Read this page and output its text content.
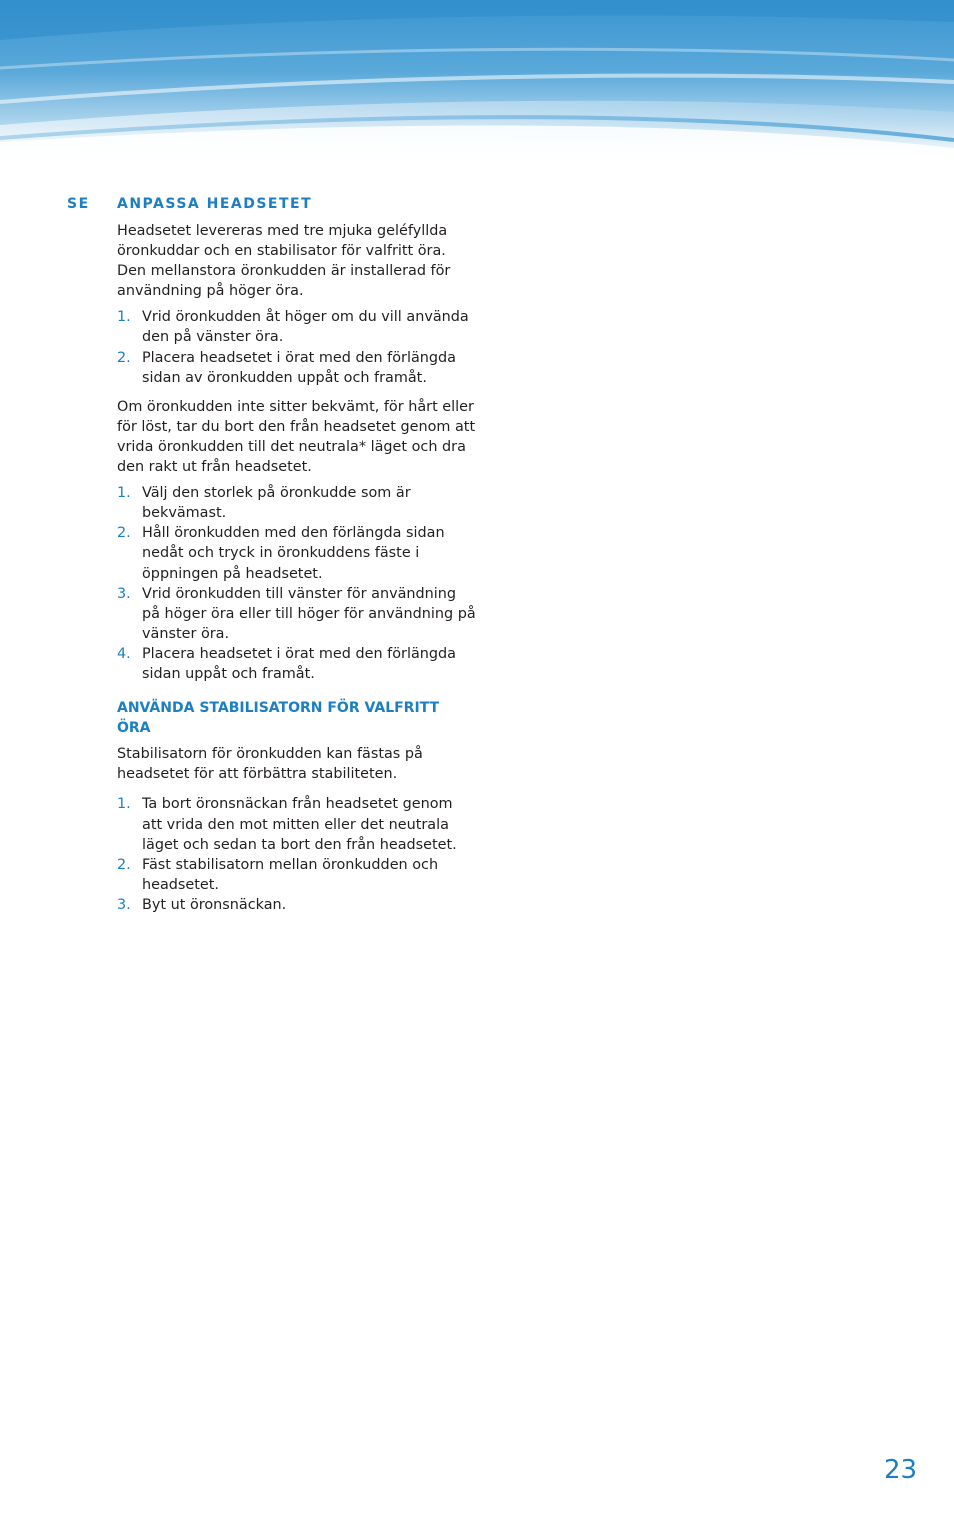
SE ANPASSA HEADSETET

Headsetet levereras med tre mjuka geléfyllda öronkuddar och en stabilisator för valfritt öra. Den mellanstora öronkudden är installerad för användning på höger öra.

1. Vrid öronkudden åt höger om du vill använda den på vänster öra.
2. Placera headsetet i örat med den förlängda sidan av öronkudden uppåt och framåt.

Om öronkudden inte sitter bekvämt, för hårt eller för löst, tar du bort den från headsetet genom att vrida öronkudden till det neutrala* läget och dra den rakt ut från headsetet.

1. Välj den storlek på öronkudde som är bekvämast.
2. Håll öronkudden med den förlängda sidan nedåt och tryck in öronkuddens fäste i öppningen på headsetet.
3. Vrid öronkudden till vänster för användning på höger öra eller till höger för användning på vänster öra.
4. Placera headsetet i örat med den förlängda sidan uppåt och framåt.

ANVÄNDA STABILISATORN FÖR VALFRITT ÖRA

Stabilisatorn för öronkudden kan fästas på headsetet för att förbättra stabiliteten.

1. Ta bort öronsnäckan från headsetet genom att vrida den mot mitten eller det neutrala läget och sedan ta bort den från headsetet.
2. Fäst stabilisatorn mellan öronkudden och headsetet.
3. Byt ut öronsnäckan.
23
